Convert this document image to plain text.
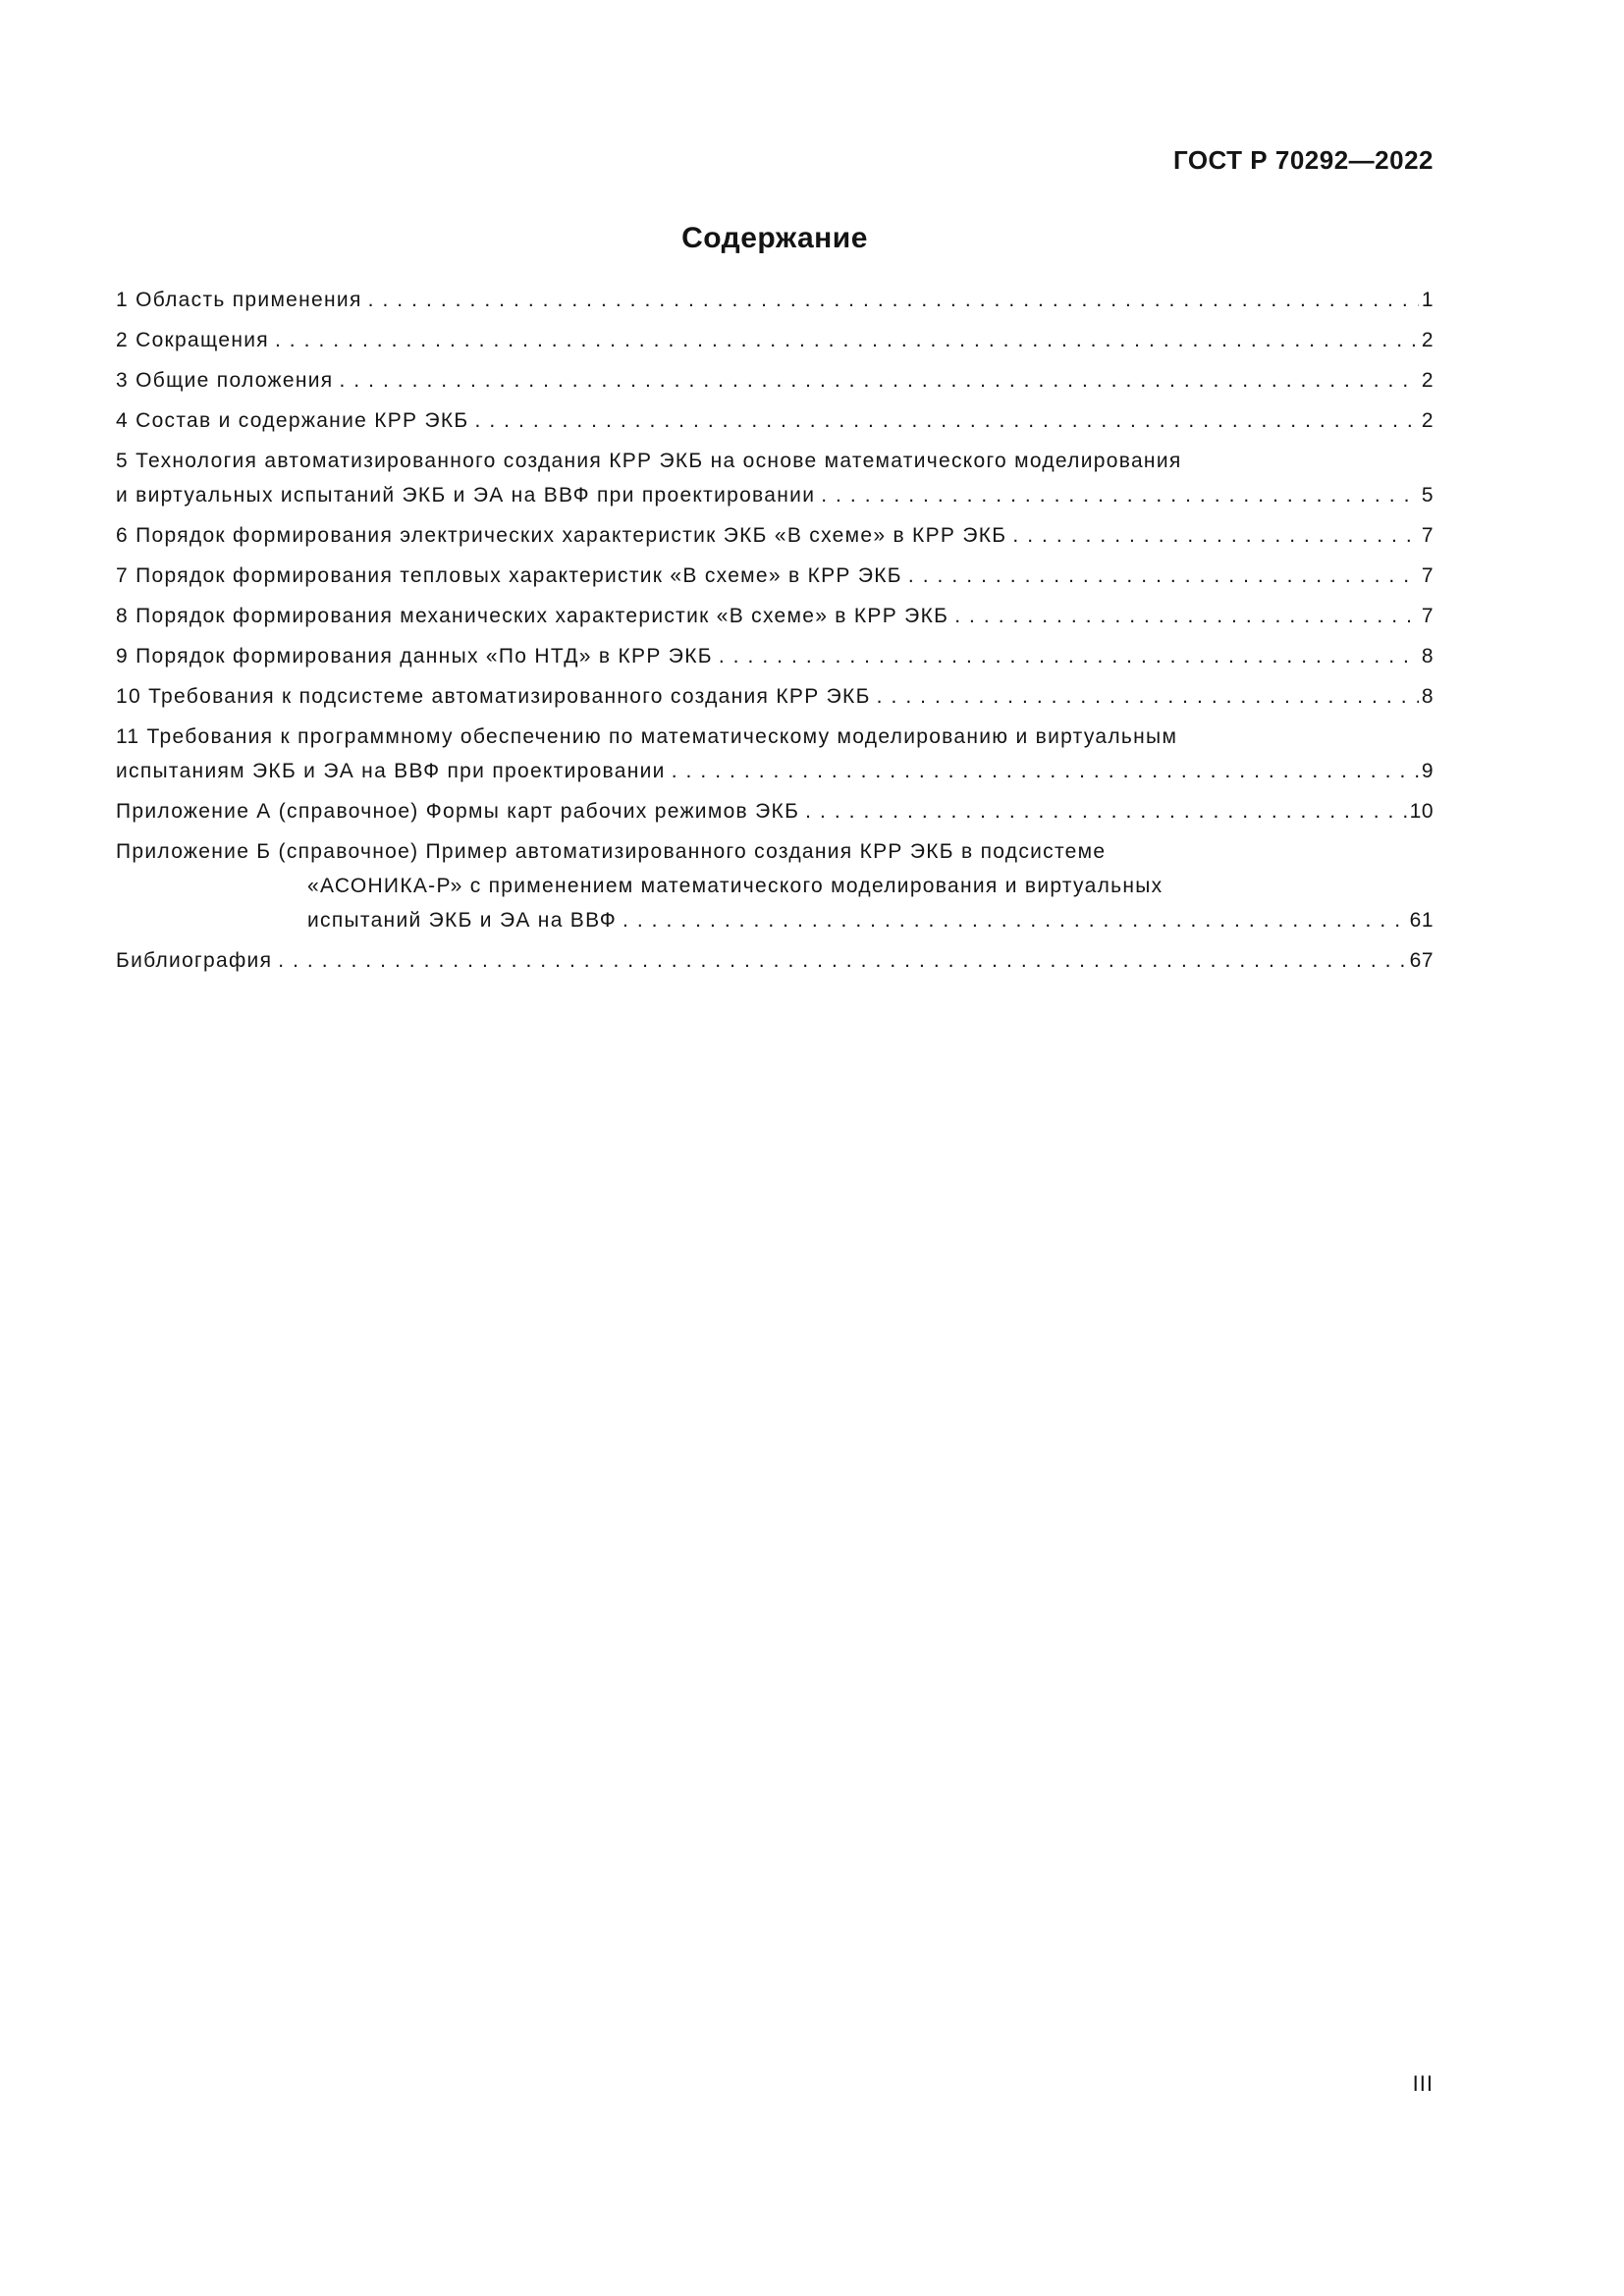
ГОСТ Р 70292—2022
Содержание
1 Область применения .....	1
2 Сокращения .....	2
3 Общие положения .....	2
4 Состав и содержание КРР ЭКБ .....	2
5 Технология автоматизированного создания КРР ЭКБ на основе математического моделирования
и виртуальных испытаний ЭКБ и ЭА на ВВФ при проектировании .....	5
6 Порядок формирования электрических характеристик ЭКБ «В схеме» в КРР ЭКБ .....	7
7 Порядок формирования тепловых характеристик «В схеме» в КРР ЭКБ .....	7
8 Порядок формирования механических характеристик «В схеме» в КРР ЭКБ .....	7
9 Порядок формирования данных «По НТД» в КРР ЭКБ .....	8
10 Требования к подсистеме автоматизированного создания КРР ЭКБ .....	8
11 Требования к программному обеспечению по математическому моделированию и виртуальным
испытаниям ЭКБ и ЭА на ВВФ при проектировании .....	9
Приложение А (справочное) Формы карт рабочих режимов ЭКБ .....	10
Приложение Б (справочное) Пример автоматизированного создания КРР ЭКБ в подсистеме
«АСОНИКА-Р» с применением математического моделирования и виртуальных
испытаний ЭКБ и ЭА на ВВФ .....	61
Библиография .....	67
III
